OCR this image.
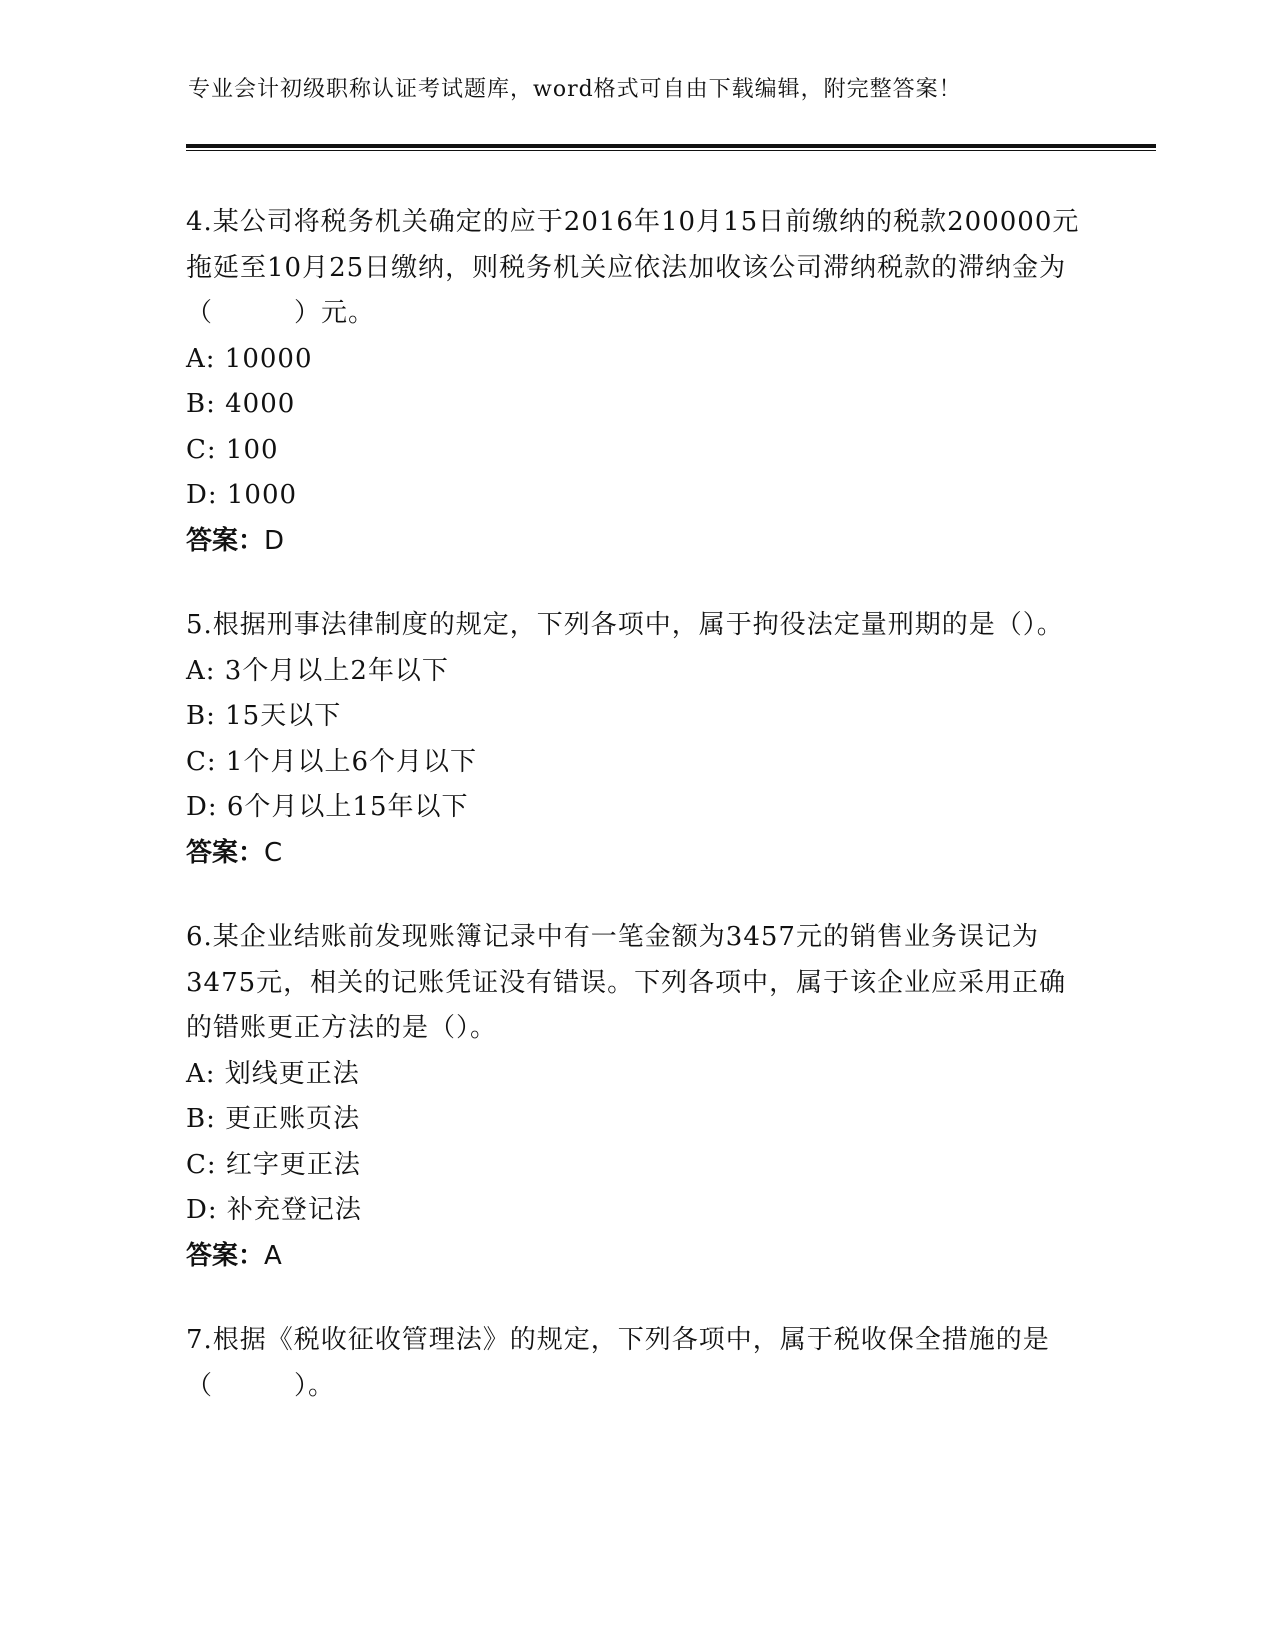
专业会计初级职称认证考试题库，word格式可自由下载编辑，附完整答案！

4.某公司将税务机关确定的应于2016年10月15日前缴纳的税款200000元拖延至10月25日缴纳，则税务机关应依法加收该公司滞纳税款的滞纳金为（　　　）元。

A: 10000

B: 4000

C: 100

D: 1000

答案：D

5.根据刑事法律制度的规定，下列各项中，属于拘役法定量刑期的是（）。

A: 3个月以上2年以下

B: 15天以下

C: 1个月以上6个月以下

D: 6个月以上15年以下

答案：C

6.某企业结账前发现账簿记录中有一笔金额为3457元的销售业务误记为3475元，相关的记账凭证没有错误。下列各项中，属于该企业应采用正确的错账更正方法的是（）。

A: 划线更正法

B: 更正账页法

C: 红字更正法

D: 补充登记法

答案：A

7.根据《税收征收管理法》的规定，下列各项中，属于税收保全措施的是　（　　　）。
